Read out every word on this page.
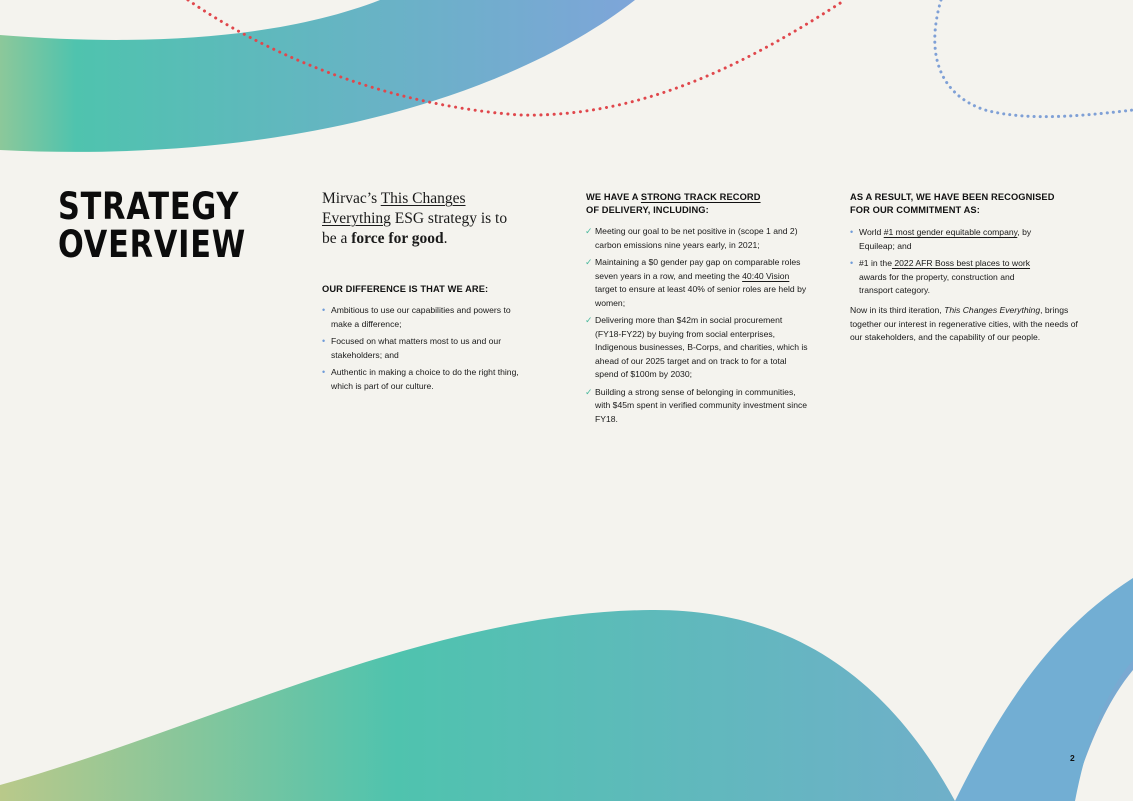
STRATEGY
OVERVIEW
Mirvac’s This Changes Everything ESG strategy is to be a force for good.
OUR DIFFERENCE IS THAT WE ARE:
• Ambitious to use our capabilities and powers to make a difference;
• Focused on what matters most to us and our stakeholders; and
• Authentic in making a choice to do the right thing, which is part of our culture.
WE HAVE A STRONG TRACK RECORD
OF DELIVERY, INCLUDING:
✓ Meeting our goal to be net positive in (scope 1 and 2) carbon emissions nine years early, in 2021;
✓ Maintaining a $0 gender pay gap on comparable roles seven years in a row, and meeting the 40:40 Vision target to ensure at least 40% of senior roles are held by women;
✓ Delivering more than $42m in social procurement (FY18-FY22) by buying from social enterprises, Indigenous businesses, B-Corps, and charities, which is ahead of our 2025 target and on track to for a total spend of $100m by 2030;
✓ Building a strong sense of belonging in communities, with $45m spent in verified community investment since FY18.
AS A RESULT, WE HAVE BEEN RECOGNISED
FOR OUR COMMITMENT AS:
• World #1 most gender equitable company, by Equileap; and
• #1 in the 2022 AFR Boss best places to work awards for the property, construction and transport category.

Now in its third iteration, This Changes Everything, brings together our interest in regenerative cities, with the needs of our stakeholders, and the capability of our people.

2
